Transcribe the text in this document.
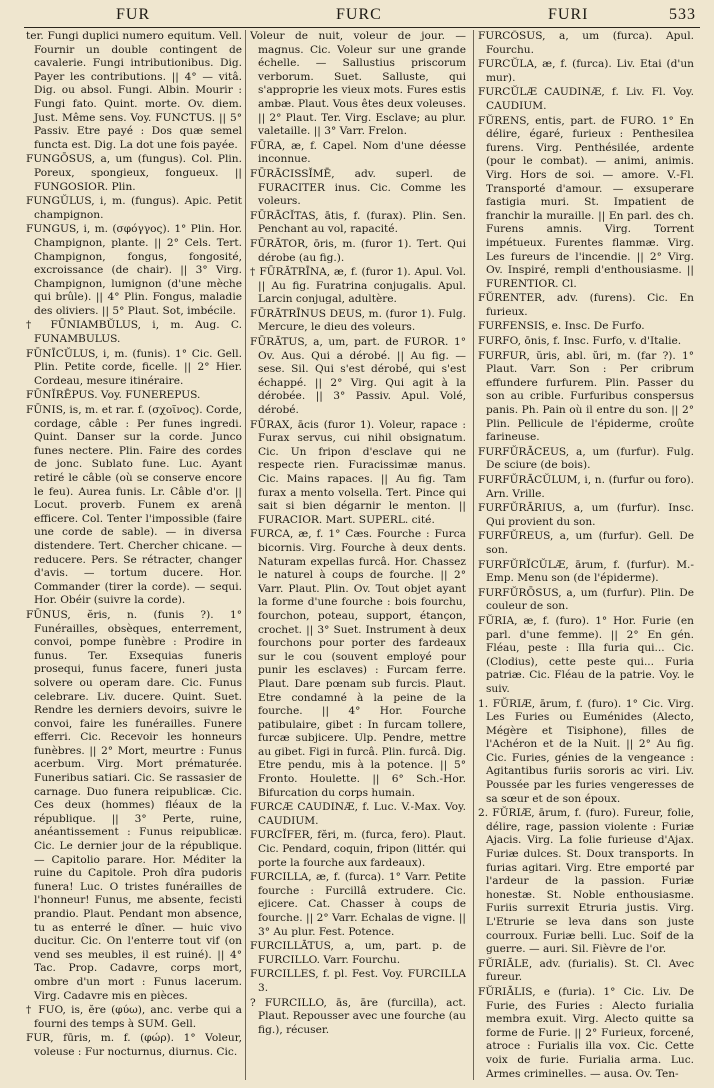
FUR	FURC	FURI	533

ter. Fungi duplici numero equitum. Vell. Fournir un double contingent de cavalerie. Fungi intributionibus. Dig. Payer les contributions. || 4° — vitâ. Dig. ou absol. Fungi. Albin. Mourir : Fungi fato. Quint. morte. Ov. diem. Just. Même sens. Voy. FUNCTUS. || 5° Passiv. Etre payé : Dos quæ semel functa est. Dig. La dot une fois payée.

FUNGŌSUS, a, um (fungus). Col. Plin. Poreux, spongieux, fongueux. || FUNGOSIOR. Plin.

FUNGŬLUS, i, m. (fungus). Apic. Petit champignon.

FUNGUS, i, m. (σφόγγος). 1° Plin. Hor. Champignon, plante. || 2° Cels. Tert. Champignon, fongus, fongosité, excroissance (de chair). || 3° Virg. Champignon, lumignon (d'une mèche qui brûle). || 4° Plin. Fongus, maladie des oliviers. || 5° Plaut. Sot, imbécile.

† FŪNIAMBŬLUS, i, m. Aug. C. FUNAMBULUS.

FŪNĪCŬLUS, i, m. (funis). 1° Cic. Gell. Plin. Petite corde, ficelle. || 2° Hier. Cordeau, mesure itinéraire.

FŪNĬRĒPUS. Voy. FUNEREPUS.

FŪNIS, is, m. et rar. f. (σχοῖνος). Corde, cordage, câble : Per funes ingredi. Quint. Danser sur la corde. Junco funes nectere. Plin. Faire des cordes de jonc. Sublato fune. Luc. Ayant retiré le câble (où se conserve encore le feu). Aurea funis. Lr. Câble d'or. || Locut. proverb. Funem ex arenâ efficere. Col. Tenter l'impossible (faire une corde de sable). — in diversa distendere. Tert. Chercher chicane. — reducere. Pers. Se rétracter, changer d'avis. — tortum ducere. Hor. Commander (tirer la corde). — sequi. Hor. Obéir (suivre la corde).

FŪNUS, ĕris, n. (funis ?). 1° Funérailles, obsèques, enterrement, convoi, pompe funèbre : Prodire in funus. Ter. Exsequias funeris prosequi, funus facere, funeri justa solvere ou operam dare. Cic. Funus celebrare. Liv. ducere. Quint. Suet. Rendre les derniers devoirs, suivre le convoi, faire les funérailles. Funere efferri. Cic. Recevoir les honneurs funèbres. || 2° Mort, meurtre : Funus acerbum. Virg. Mort prématurée. Funeribus satiari. Cic. Se rassasier de carnage. Duo funera reipublicæ. Cic. Ces deux (hommes) fléaux de la république. || 3° Perte, ruine, anéantissement : Funus reipublicæ. Cic. Le dernier jour de la république. — Capitolio parare. Hor. Méditer la ruine du Capitole. Proh dîra pudoris funera! Luc. O tristes funérailles de l'honneur! Funus, me absente, fecisti prandio. Plaut. Pendant mon absence, tu as enterré le dîner. — huic vivo ducitur. Cic. On l'enterre tout vif (on vend ses meubles, il est ruiné). || 4° Tac. Prop. Cadavre, corps mort, ombre d'un mort : Funus lacerum. Virg. Cadavre mis en pièces.

† FUO, is, ĕre (φύω), anc. verbe qui a fourni des temps à SUM. Gell.

FUR, fūris, m. f. (φώρ). 1° Voleur, voleuse : Fur nocturnus, diurnus. Cic.

Voleur de nuit, voleur de jour. — magnus. Cic. Voleur sur une grande échelle. — Sallustius priscorum verborum. Suet. Salluste, qui s'approprie les vieux mots. Fures estis ambæ. Plaut. Vous êtes deux voleuses. || 2° Plaut. Ter. Virg. Esclave; au plur. valetaille. || 3° Varr. Frelon.

FŪRA, æ, f. Capel. Nom d'une déesse inconnue.

FŪRĀCISSĬMĒ, adv. superl. de FURACITER inus. Cic. Comme les voleurs.

FŪRĀCĬTAS, ātis, f. (furax). Plin. Sen. Penchant au vol, rapacité.

FŪRĀTOR, ōris, m. (furor 1). Tert. Qui dérobe (au fig.).

† FŪRĀTRĪNA, æ, f. (furor 1). Apul. Vol. || Au fig. Furatrina conjugalis. Apul. Larcin conjugal, adultère.

FŪRĀTRĪNUS DEUS, m. (furor 1). Fulg. Mercure, le dieu des voleurs.

FŪRĀTUS, a, um, part. de FUROR. 1° Ov. Aus. Qui a dérobé. || Au fig. — sese. Sil. Qui s'est dérobé, qui s'est échappé. || 2° Virg. Qui agit à la dérobée. || 3° Passiv. Apul. Volé, dérobé.

FŪRAX, ācis (furor 1). Voleur, rapace : Furax servus, cui nihil obsignatum. Cic. Un fripon d'esclave qui ne respecte rien. Furacissimæ manus. Cic. Mains rapaces. || Au fig. Tam furax a mento volsella. Tert. Pince qui sait si bien dégarnir le menton. || FURACIOR. Mart. SUPERL. cité.

FURCA, æ, f. 1° Cæs. Fourche : Furca bicornis. Virg. Fourche à deux dents. Naturam expellas furcâ. Hor. Chassez le naturel à coups de fourche. || 2° Varr. Plaut. Plin. Ov. Tout objet ayant la forme d'une fourche : bois fourchu, fourchon, poteau, support, étançon, crochet. || 3° Suet. Instrument à deux fourchons pour porter des fardeaux sur le cou (souvent employé pour punir les esclaves) : Furcam ferre. Plaut. Dare pœnam sub furcis. Plaut. Etre condamné à la peine de la fourche. || 4° Hor. Fourche patibulaire, gibet : In furcam tollere, furcæ subjicere. Ulp. Pendre, mettre au gibet. Figi in furcâ. Plin. furcâ. Dig. Etre pendu, mis à la potence. || 5° Fronto. Houlette. || 6° Sch.-Hor. Bifurcation du corps humain.

FURCÆ CAUDINÆ, f. Luc. V.-Max. Voy. CAUDIUM.

FURCĬFER, fĕri, m. (furca, fero). Plaut. Cic. Pendard, coquin, fripon (littér. qui porte la fourche aux fardeaux).

FURCILLA, æ, f. (furca). 1° Varr. Petite fourche : Furcillâ extrudere. Cic. ejicere. Cat. Chasser à coups de fourche. || 2° Varr. Echalas de vigne. || 3° Au plur. Fest. Potence.

FURCILLĀTUS, a, um, part. p. de FURCILLO. Varr. Fourchu.

FURCILLES, f. pl. Fest. Voy. FURCILLA 3.

? FURCILLO, ās, āre (furcilla), act. Plaut. Repousser avec une fourche (au fig.), récuser.

FURCŌSUS, a, um (furca). Apul. Fourchu.

FURCŬLA, æ, f. (furca). Liv. Etai (d'un mur).

FURCŬLÆ CAUDINÆ, f. Liv. Fl. Voy. CAUDIUM.

FŬRENS, entis, part. de FURO. 1° En délire, égaré, furieux : Penthesilea furens. Virg. Penthésilée, ardente (pour le combat). — animi, animis. Virg. Hors de soi. — amore. V.-Fl. Transporté d'amour. — exsuperare fastigia muri. St. Impatient de franchir la muraille. || En parl. des ch. Furens amnis. Virg. Torrent impétueux. Furentes flammæ. Virg. Les fureurs de l'incendie. || 2° Virg. Ov. Inspiré, rempli d'enthousiasme. || FURENTIOR. Cl.

FŬRENTER, adv. (furens). Cic. En furieux.

FURFENSIS, e. Insc. De Furfo.

FURFO, ōnis, f. Insc. Furfo, v. d'Italie.

FURFUR, ŭris, abl. ŭri, m. (far ?). 1° Plaut. Varr. Son : Per cribrum effundere furfurem. Plin. Passer du son au crible. Furfuribus conspersus panis. Ph. Pain où il entre du son. || 2° Plin. Pellicule de l'épiderme, croûte farineuse.

FURFŬRĀCEUS, a, um (furfur). Fulg. De sciure (de bois).

FURFŬRĀCŬLUM, i, n. (furfur ou foro). Arn. Vrille.

FURFŬRĀRIUS, a, um (furfur). Insc. Qui provient du son.

FURFŬREUS, a, um (furfur). Gell. De son.

FURFŬRĬCŬLÆ, ārum, f. (furfur). M.-Emp. Menu son (de l'épiderme).

FURFŬRŌSUS, a, um (furfur). Plin. De couleur de son.

FŬRIA, æ, f. (furo). 1° Hor. Furie (en parl. d'une femme). || 2° En gén. Fléau, peste : Illa furia qui... Cic. (Clodius), cette peste qui... Furia patriæ. Cic. Fléau de la patrie. Voy. le suiv.

1. FŬRIÆ, ārum, f. (furo). 1° Cic. Virg. Les Furies ou Euménides (Alecto, Mégère et Tisiphone), filles de l'Achéron et de la Nuit. || 2° Au fig. Cic. Furies, génies de la vengeance : Agitantibus furiis sororis ac viri. Liv. Poussée par les furies vengeresses de sa sœur et de son époux.

2. FŬRIÆ, ārum, f. (furo). Fureur, folie, délire, rage, passion violente : Furiæ Ajacis. Virg. La folie furieuse d'Ajax. Furiæ dulces. St. Doux transports. In furias agitari. Virg. Etre emporté par l'ardeur de la passion. Furiæ honestæ. St. Noble enthousiasme. Furiis surrexit Etruria justis. Virg. L'Etrurie se leva dans son juste courroux. Furiæ belli. Luc. Soif de la guerre. — auri. Sil. Fièvre de l'or.

FŬRIĀLE, adv. (furialis). St. Cl. Avec fureur.

FŬRIĀLIS, e (furia). 1° Cic. Liv. De Furie, des Furies : Alecto furialia membra exuit. Virg. Alecto quitte sa forme de Furie. || 2° Furieux, forcené, atroce : Furialis illa vox. Cic. Cette voix de furie. Furialia arma. Luc. Armes criminelles. — ausa. Ov. Ten-
